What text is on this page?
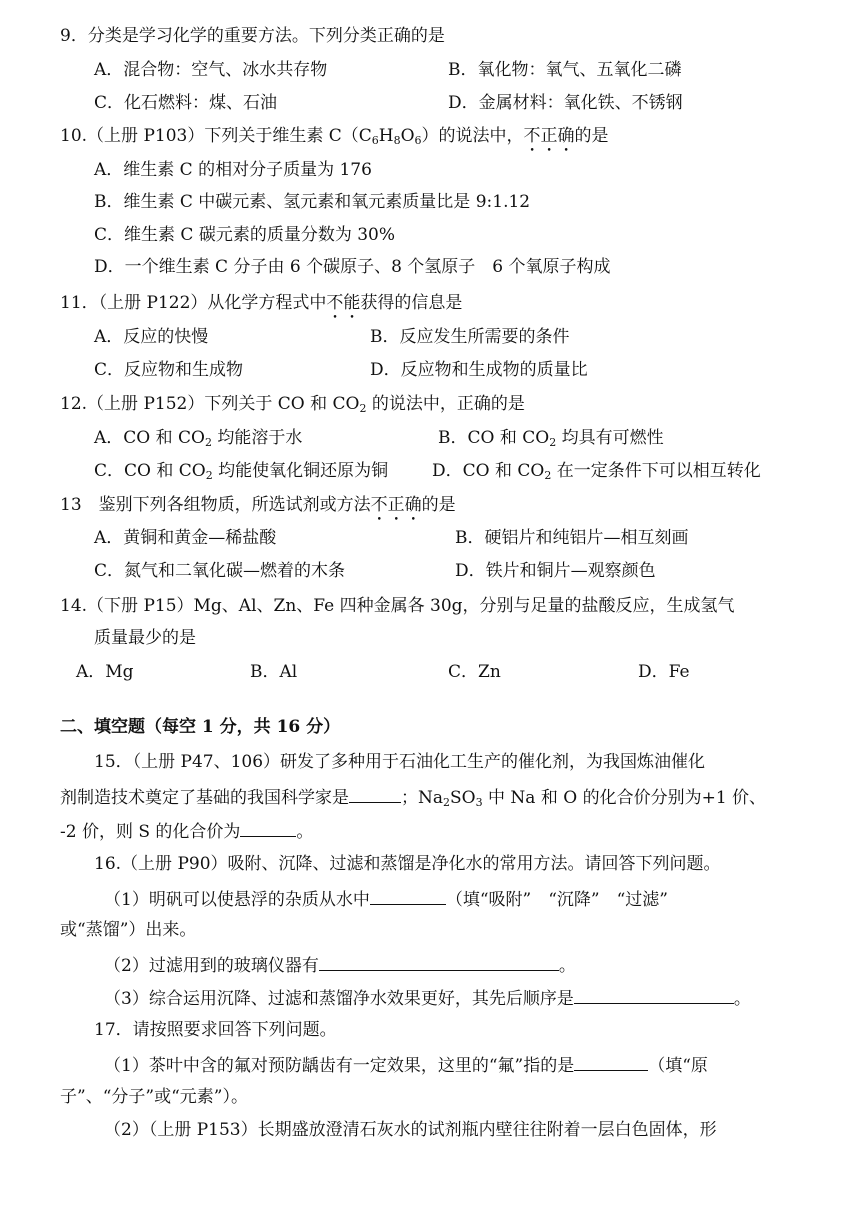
9．分类是学习化学的重要方法。下列分类正确的是
A．混合物：空气、冰水共存物	B．氧化物：氧气、五氧化二磷
C．化石燃料：煤、石油	D．金属材料：氧化铁、不锈钢
10.（上册 P103）下列关于维生素 $C(C_6H_8O_6)$的说法中，不正确的是
A．维生素 C 的相对分子质量为 176
B．维生素 C 中碳元素、氢元素和氧元素质量比是 9:1.12
C．维生素 C 碳元素的质量分数为 30%
D．一个维生素 C 分子由 6 个碳原子、8 个氢原子　6 个氧原子构成
11．（上册 P122）从化学方程式中不能获得的信息是
A．反应的快慢	B．反应发生所需要的条件
C．反应物和生成物	D．反应物和生成物的质量比
12.（上册 P152）下列关于 CO 和 $CO_2$ 的说法中，正确的是
A．CO 和 $CO_2$ 均能溶于水	B．CO 和 $CO_2$ 均具有可燃性
C．CO 和 $CO_2$ 均能使氧化铜还原为铜	D．CO 和 $CO_2$ 在一定条件下可以相互转化
13　鉴别下列各组物质，所选试剂或方法不正确的是
A．黄铜和黄金—稀盐酸	B．硬铝片和纯铝片—相互刻画
C．氮气和二氧化碳—燃着的木条	D．铁片和铜片—观察颜色
14.（下册 P15）Mg、Al、Zn、Fe 四种金属各 30g，分别与足量的盐酸反应，生成氢气
质量最少的是
A．Mg	B．Al	C．Zn	D．Fe
二、填空题（每空 1 分，共 16 分）
15．（上册 P47、106）研发了多种用于石油化工生产的催化剂，为我国炼油催化
剂制造技术奠定了基础的我国科学家是	；$Na_2SO_3$ 中 Na 和 O 的化合价分别为+1 价、
-2 价，则 S 的化合价为	。
16.（上册 P90）吸附、沉降、过滤和蒸馏是净化水的常用方法。请回答下列问题。
（1）明矾可以使悬浮的杂质从水中	（填“吸附”　“沉降”　“过滤”
或“蒸馏”）出来。
（2）过滤用到的玻璃仪器有	。
（3）综合运用沉降、过滤和蒸馏净水效果更好，其先后顺序是	。
17．请按照要求回答下列问题。
（1）茶叶中含的氟对预防龋齿有一定效果，这里的“氟”指的是	（填“原
子”、“分子”或“元素”）。
（2）（上册 P153）长期盛放澄清石灰水的试剂瓶内壁往往附着一层白色固体，形
